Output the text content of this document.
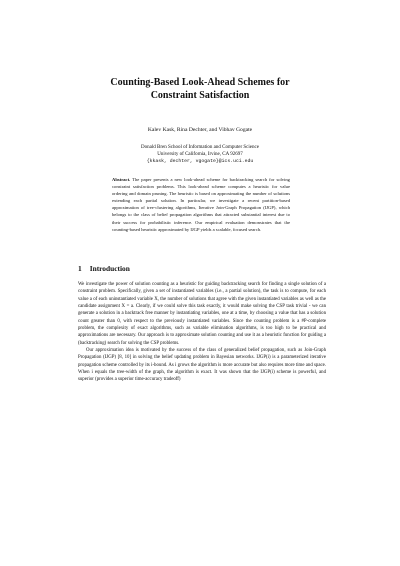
Counting-Based Look-Ahead Schemes for
Constraint Satisfaction
Kalev Kask, Rina Dechter, and Vibhav Gogate
Donald Bren School of Information and Computer Science
University of California, Irvine, CA 92697
{kkask, dechter, vgogate}@ics.uci.edu
Abstract. The paper presents a new look-ahead scheme for backtracking search for solving constraint satisfaction problems. This look-ahead scheme computes a heuristic for value ordering and domain pruning. The heuristic is based on approximating the number of solutions extending each partial solution. In particular, we investigate a recent partition-based approximation of tree-clustering algorithms, Iterative Join-Graph Propagation (IJGP), which belongs to the class of belief propagation algorithms that attracted substantial interest due to their success for probabilistic inference. Our empirical evaluation demonstrates that the counting-based heuristic approximated by IJGP yields a scalable, focused search.
1 Introduction

We investigate the power of solution counting as a heuristic for guiding backtracking search for finding a single solution of a constraint problem. Specifically, given a set of instantiated variables (i.e., a partial solution), the task is to compute, for each value a of each uninstantiated variable X, the number of solutions that agree with the given instantiated variables as well as the candidate assignment X = a. Clearly, if we could solve this task exactly, it would make solving the CSP task trivial - we can generate a solution in a backtrack free manner by instantiating variables, one at a time, by choosing a value that has a solution count greater than 0, with respect to the previously instantiated variables. Since the counting problem is a #P-complete problem, the complexity of exact algorithms, such as variable elimination algorithms, is too high to be practical and approximations are necessary. Our approach is to approximate solution counting and use it as a heuristic function for guiding a (backtracking) search for solving the CSP problems.

Our approximation idea is motivated by the success of the class of generalized belief propagation, such as Join-Graph Propagation (IJGP) [8, 10] in solving the belief updating problem in Bayesian networks. IJGP(i) is a parameterized iterative propagation scheme controlled by its i-bound. As i grows the algorithm is more accurate but also requires more time and space. When i equals the tree-width of the graph, the algorithm is exact. It was shown that the IJGP(i) scheme is powerful, and superior (provides a superior time-accuracy tradeoff)
